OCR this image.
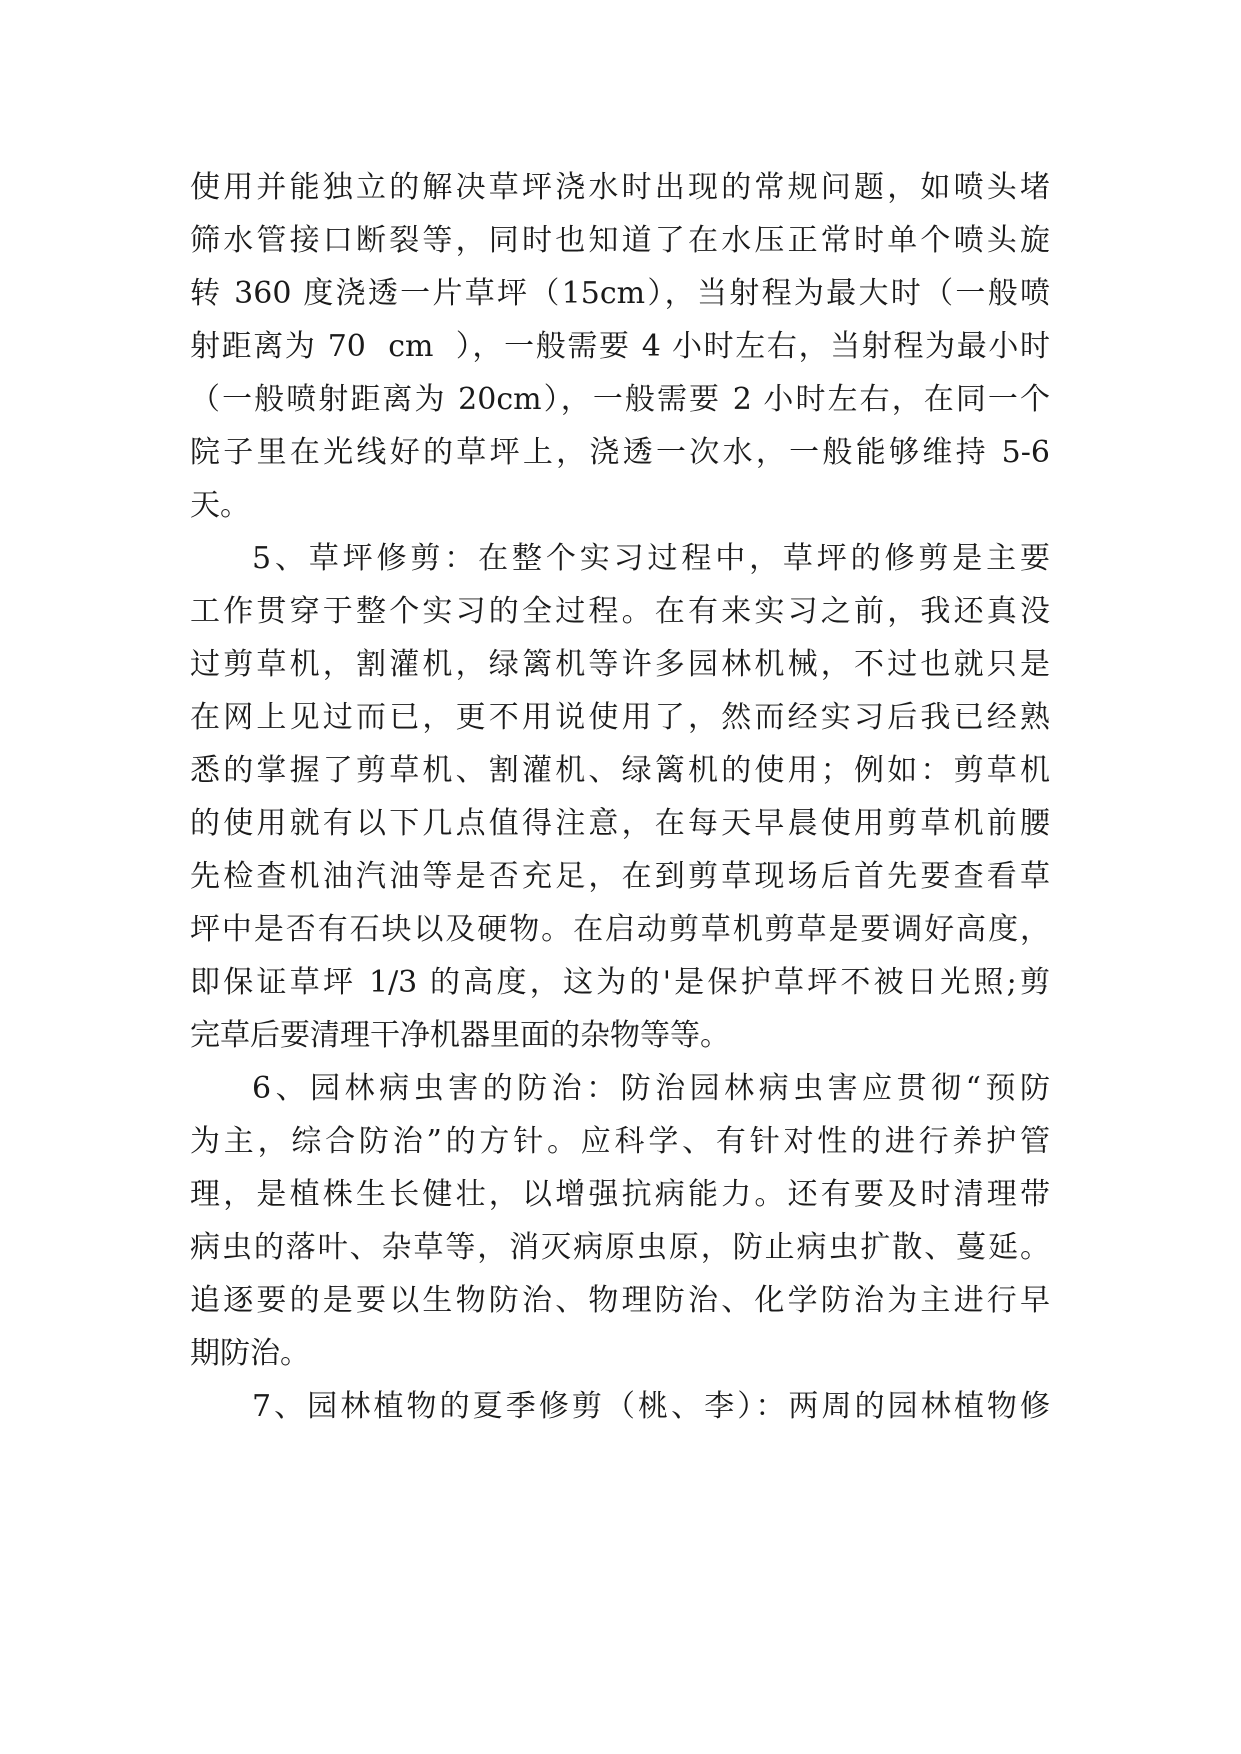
使用并能独立的解决草坪浇水时出现的常规问题，如喷头堵
筛水管接口断裂等，同时也知道了在水压正常时单个喷头旋
转 360 度浇透一片草坪（15cm），当射程为最大时（一般喷
射距离为 70  cm  ），一般需要 4 小时左右，当射程为最小时
（一般喷射距离为 20cm），一般需要 2 小时左右，在同一个
院子里在光线好的草坪上，浇透一次水，一般能够维持 5-6
天。
5、草坪修剪：在整个实习过程中，草坪的修剪是主要
工作贯穿于整个实习的全过程。在有来实习之前，我还真没
过剪草机，割灌机，绿篱机等许多园林机械，不过也就只是
在网上见过而已，更不用说使用了，然而经实习后我已经熟
悉的掌握了剪草机、割灌机、绿篱机的使用；例如：剪草机
的使用就有以下几点值得注意，在每天早晨使用剪草机前腰
先检查机油汽油等是否充足，在到剪草现场后首先要查看草
坪中是否有石块以及硬物。在启动剪草机剪草是要调好高度，
即保证草坪 1/3 的高度，这为的'是保护草坪不被日光照;剪
完草后要清理干净机器里面的杂物等等。
6、园林病虫害的防治：防治园林病虫害应贯彻“预防
为主，综合防治”的方针。应科学、有针对性的进行养护管
理，是植株生长健壮，以增强抗病能力。还有要及时清理带
病虫的落叶、杂草等，消灭病原虫原，防止病虫扩散、蔓延。
追逐要的是要以生物防治、物理防治、化学防治为主进行早
期防治。
7、园林植物的夏季修剪（桃、李）：两周的园林植物修
